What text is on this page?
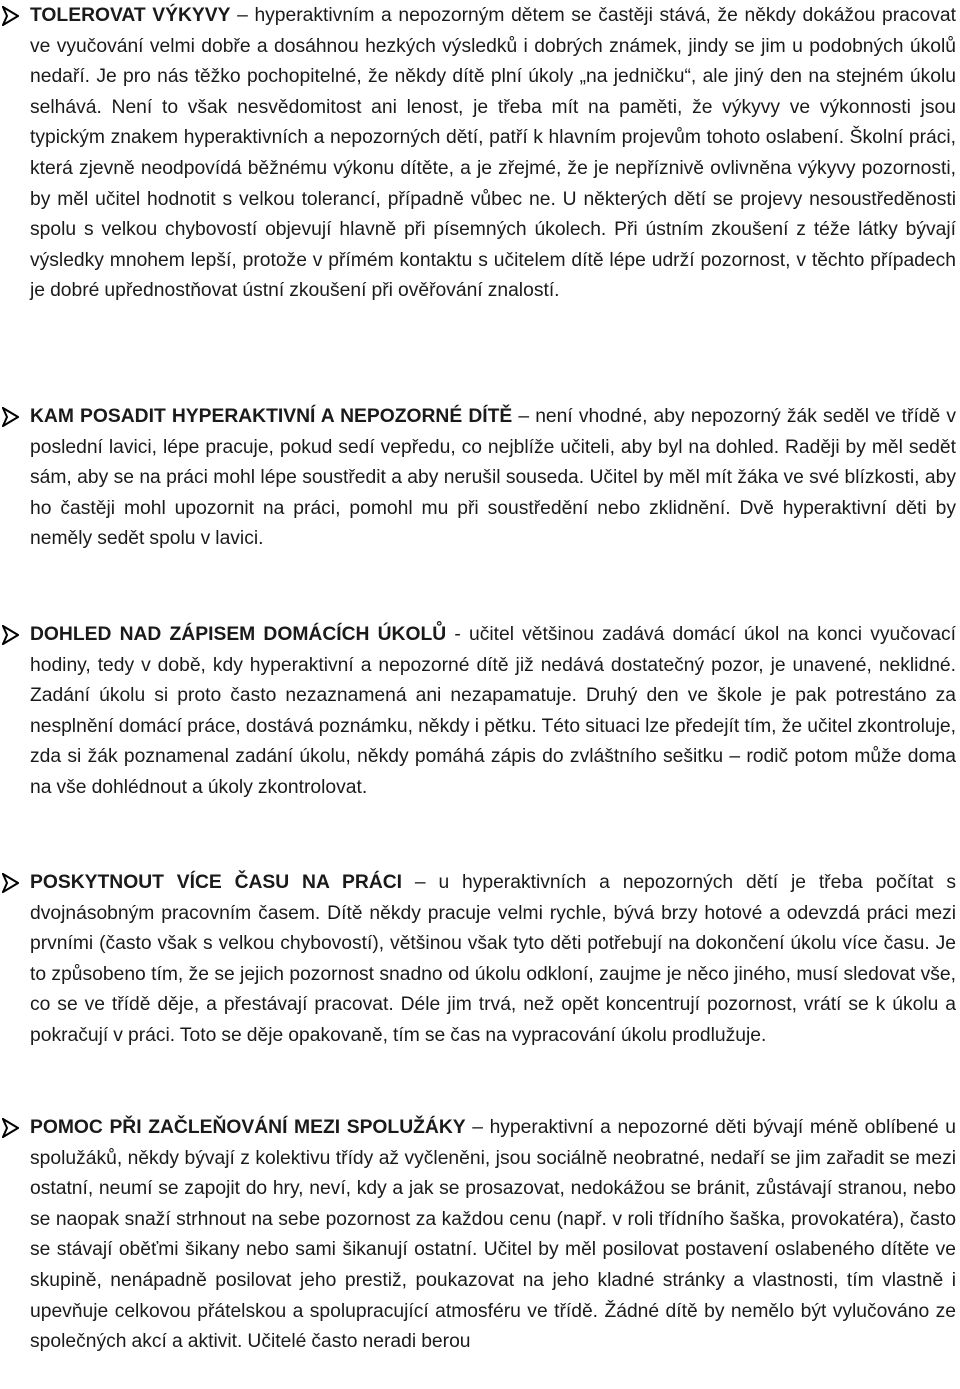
TOLEROVAT VÝKYVY – hyperaktivním a nepozorným dětem se častěji stává, že někdy dokážou pracovat ve vyučování velmi dobře a dosáhnou hezkých výsledků i dobrých známek, jindy se jim u podobných úkolů nedaří. Je pro nás těžko pochopitelné, že někdy dítě plní úkoly „na jedničku“, ale jiný den na stejném úkolu selhává. Není to však nesvědomitost ani lenost, je třeba mít na paměti, že výkyvy ve výkonnosti jsou typickým znakem hyperaktivních a nepozorných dětí, patří k hlavním projevům tohoto oslabení. Školní práci, která zjevně neodpovídá běžnému výkonu dítěte, a je zřejmé, že je nepříznivě ovlivněna výkyvy pozornosti, by měl učitel hodnotit s velkou tolerancí, případně vůbec ne. U některých dětí se projevy nesoustředěnosti spolu s velkou chybovostí objevují hlavně při písemných úkolech. Při ústním zkoušení z téže látky bývají výsledky mnohem lepší, protože v přímém kontaktu s učitelem dítě lépe udrží pozornost, v těchto případech je dobré upřednostňovat ústní zkoušení při ověřování znalostí.
KAM POSADIT HYPERAKTIVNÍ A NEPOZORNÉ DÍTĚ – není vhodné, aby nepozorný žák seděl ve třídě v poslední lavici, lépe pracuje, pokud sedí vepředu, co nejblíže učiteli, aby byl na dohled. Raději by měl sedět sám, aby se na práci mohl lépe soustředit a aby nerušil souseda. Učitel by měl mít žáka ve své blízkosti, aby ho častěji mohl upozornit na práci, pomohl mu při soustředění nebo zklidnění. Dvě hyperaktivní děti by neměly sedět spolu v lavici.
DOHLED NAD ZÁPISEM DOMÁCÍCH ÚKOLŮ - učitel většinou zadává domácí úkol na konci vyučovací hodiny, tedy v době, kdy hyperaktivní a nepozorné dítě již nedává dostatečný pozor, je unavené, neklidné. Zadání úkolu si proto často nezaznamená ani nezapamatuje. Druhý den ve škole je pak potrestáno za nesplnění domácí práce, dostává poznámku, někdy i pětku. Této situaci lze předejít tím, že učitel zkontroluje, zda si žák poznamenal zadání úkolu, někdy pomáhá zápis do zvláštního sešitku – rodič potom může doma na vše dohlédnout a úkoly zkontrolovat.
POSKYTNOUT VÍCE ČASU NA PRÁCI – u hyperaktivních a nepozorných dětí je třeba počítat s dvojnásobným pracovním časem. Dítě někdy pracuje velmi rychle, bývá brzy hotové a odevzdá práci mezi prvními (často však s velkou chybovostí), většinou však tyto děti potřebují na dokončení úkolu více času. Je to způsobeno tím, že se jejich pozornost snadno od úkolu odkloní, zaujme je něco jiného, musí sledovat vše, co se ve třídě děje, a přestávají pracovat. Déle jim trvá, než opět koncentrují pozornost, vrátí se k úkolu a pokračují v práci. Toto se děje opakovaně, tím se čas na vypracování úkolu prodlužuje.
POMOC PŘI ZAČLEŇOVÁNÍ MEZI SPOLUŽÁKY – hyperaktivní a nepozorné děti bývají méně oblíbené u spolužáků, někdy bývají z kolektivu třídy až vyčleněni, jsou sociálně neobratné, nedaří se jim zařadit se mezi ostatní, neumí se zapojit do hry, neví, kdy a jak se prosazovat, nedokážou se bránit, zůstávají stranou, nebo se naopak snaží strhnout na sebe pozornost za každou cenu (např. v roli třídního šaška, provokatéra), často se stávají oběťmi šikany nebo sami šikanují ostatní. Učitel by měl posilovat postavení oslabeného dítěte ve skupině, nenápadně posilovat jeho prestiž, poukazovat na jeho kladné stránky a vlastnosti, tím vlastně i upevňuje celkovou přátelskou a spolupracující atmosféru ve třídě. Žádné dítě by nemělo být vylučováno ze společných akcí a aktivit. Učitelé často neradi berou
